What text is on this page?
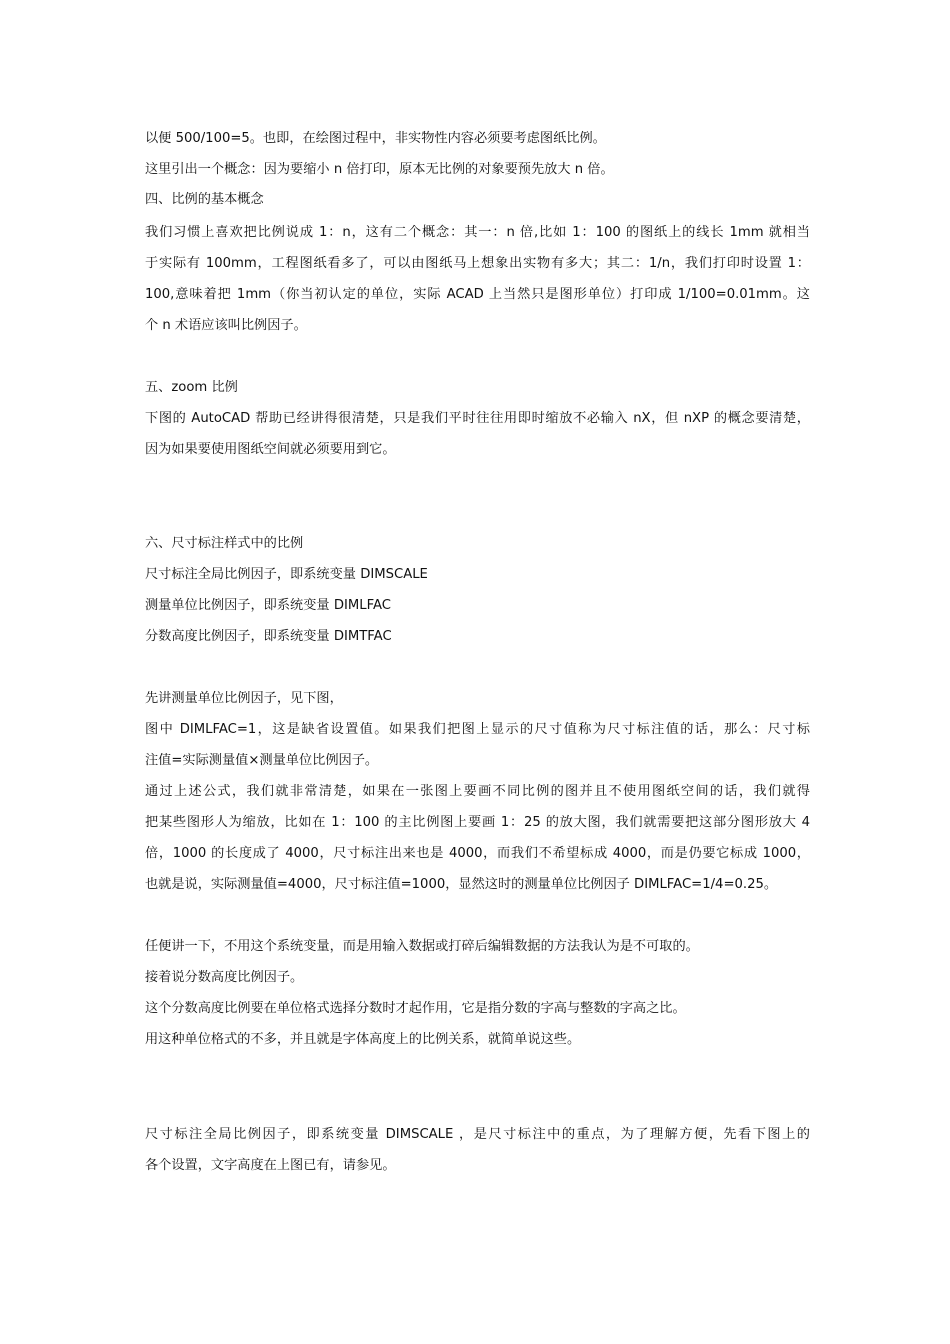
以便 500/100=5。也即，在绘图过程中，非实物性内容必须要考虑图纸比例。
这里引出一个概念：因为要缩小 n 倍打印，原本无比例的对象要预先放大 n 倍。
四、比例的基本概念
我们习惯上喜欢把比例说成 1：n，这有二个概念：其一：n 倍,比如 1：100 的图纸上的线长 1mm 就相当
于实际有 100mm，工程图纸看多了，可以由图纸马上想象出实物有多大；其二：1/n，我们打印时设置 1：
100,意味着把 1mm（你当初认定的单位，实际 ACAD 上当然只是图形单位）打印成 1/100=0.01mm。这
个 n 术语应该叫比例因子。
五、zoom 比例
下图的 AutoCAD 帮助已经讲得很清楚，只是我们平时往往用即时缩放不必输入 nX，但 nXP 的概念要清楚，
因为如果要使用图纸空间就必须要用到它。
六、尺寸标注样式中的比例
尺寸标注全局比例因子，即系统变量 DIMSCALE
测量单位比例因子，即系统变量 DIMLFAC
分数高度比例因子，即系统变量 DIMTFAC
先讲测量单位比例因子，见下图，
图中 DIMLFAC=1，这是缺省设置值。如果我们把图上显示的尺寸值称为尺寸标注值的话，那么：尺寸标
注值=实际测量值×测量单位比例因子。
通过上述公式，我们就非常清楚，如果在一张图上要画不同比例的图并且不使用图纸空间的话，我们就得
把某些图形人为缩放，比如在 1：100 的主比例图上要画 1：25 的放大图，我们就需要把这部分图形放大 4
倍，1000 的长度成了 4000，尺寸标注出来也是 4000，而我们不希望标成 4000，而是仍要它标成 1000，
也就是说，实际测量值=4000，尺寸标注值=1000，显然这时的测量单位比例因子 DIMLFAC=1/4=0.25。
任便讲一下，不用这个系统变量，而是用输入数据或打碎后编辑数据的方法我认为是不可取的。
接着说分数高度比例因子。
这个分数高度比例要在单位格式选择分数时才起作用，它是指分数的字高与整数的字高之比。
用这种单位格式的不多，并且就是字体高度上的比例关系，就简单说这些。
尺寸标注全局比例因子，即系统变量 DIMSCALE ，是尺寸标注中的重点，为了理解方便，先看下图上的
各个设置，文字高度在上图已有，请参见。
